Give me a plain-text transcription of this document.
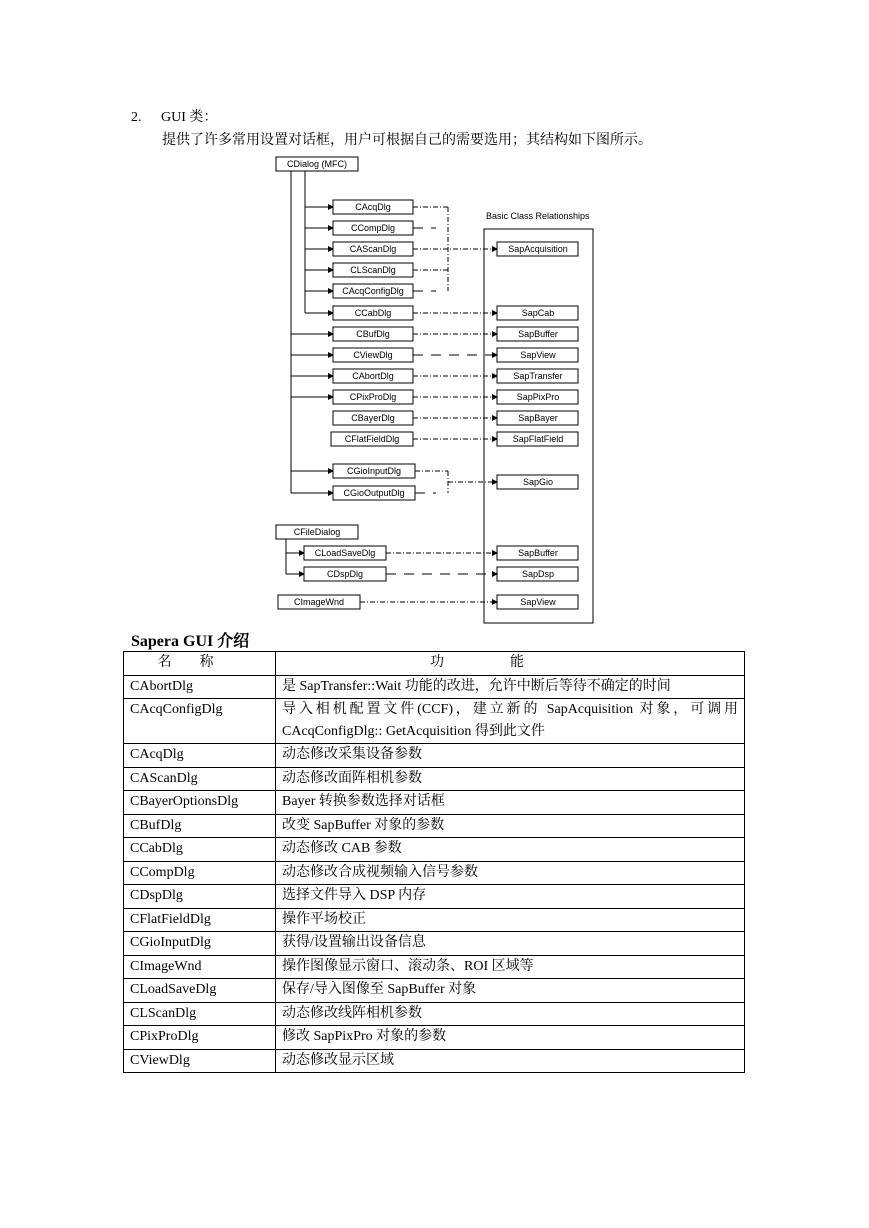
2. GUI 类：
提供了许多常用设置对话框，用户可根据自己的需要选用；其结构如下图所示。
CDialog (MFC)
Basic Class Relationships
CAcqDlg
CCompDlg
CAScanDlg
CLScanDlg
CAcqConfigDlg
CCabDlg
CBufDlg
CViewDlg
CAbortDlg
CPixProDlg
CBayerDlg
CFlatFieldDlg
CGioInputDlg
CGioOutputDlg
SapAcquisition
SapCab
SapBuffer
SapView
SapTransfer
SapPixPro
SapBayer
SapFlatField
SapGio
SapBuffer
SapDsp
SapView
CFileDialog
CLoadSaveDlg
CDspDlg
CImageWnd
Sapera GUI 介绍
名称	功能
CAbortDlg	是 SapTransfer::Wait 功能的改进，允许中断后等待不确定的时间
CAcqConfigDlg	导入相机配置文件(CCF)，建立新的 SapAcquisition 对象，可调用 CAcqConfigDlg:: GetAcquisition 得到此文件
CAcqDlg	动态修改采集设备参数
CAScanDlg	动态修改面阵相机参数
CBayerOptionsDlg	Bayer 转换参数选择对话框
CBufDlg	改变 SapBuffer 对象的参数
CCabDlg	动态修改 CAB 参数
CCompDlg	动态修改合成视频输入信号参数
CDspDlg	选择文件导入 DSP 内存
CFlatFieldDlg	操作平场校正
CGioInputDlg	获得/设置输出设备信息
CImageWnd	操作图像显示窗口、滚动条、ROI 区域等
CLoadSaveDlg	保存/导入图像至 SapBuffer 对象
CLScanDlg	动态修改线阵相机参数
CPixProDlg	修改 SapPixPro 对象的参数
CViewDlg	动态修改显示区域
